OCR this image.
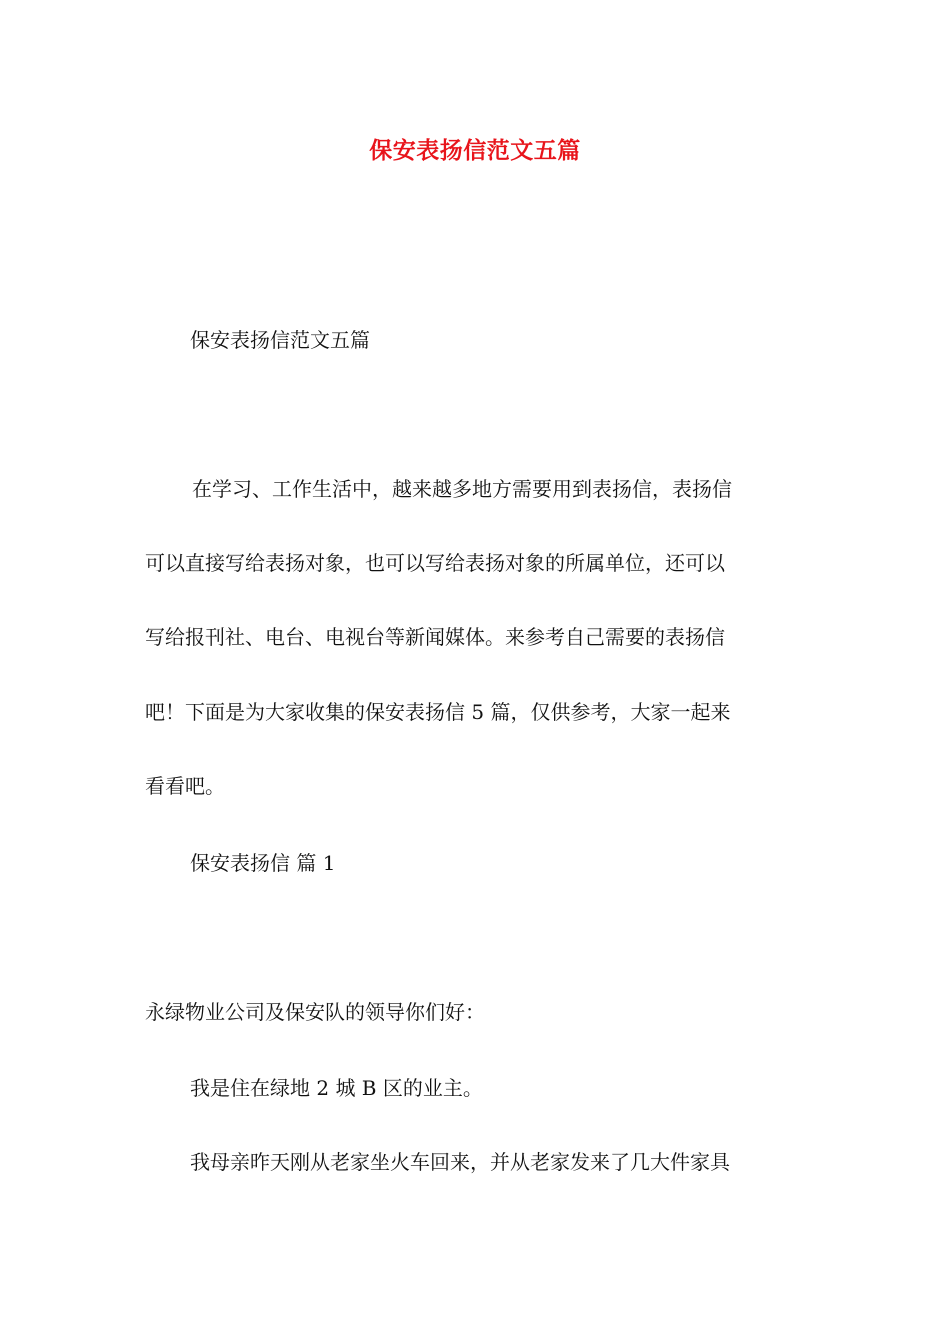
保安表扬信范文五篇

保安表扬信范文五篇

在学习、工作生活中，越来越多地方需要用到表扬信，表扬信

可以直接写给表扬对象，也可以写给表扬对象的所属单位，还可以

写给报刊社、电台、电视台等新闻媒体。来参考自己需要的表扬信

吧！下面是为大家收集的保安表扬信 5 篇，仅供参考，大家一起来

看看吧。

保安表扬信 篇 1

永绿物业公司及保安队的领导你们好：

我是住在绿地 2 城 B 区的业主。

我母亲昨天刚从老家坐火车回来，并从老家发来了几大件家具
